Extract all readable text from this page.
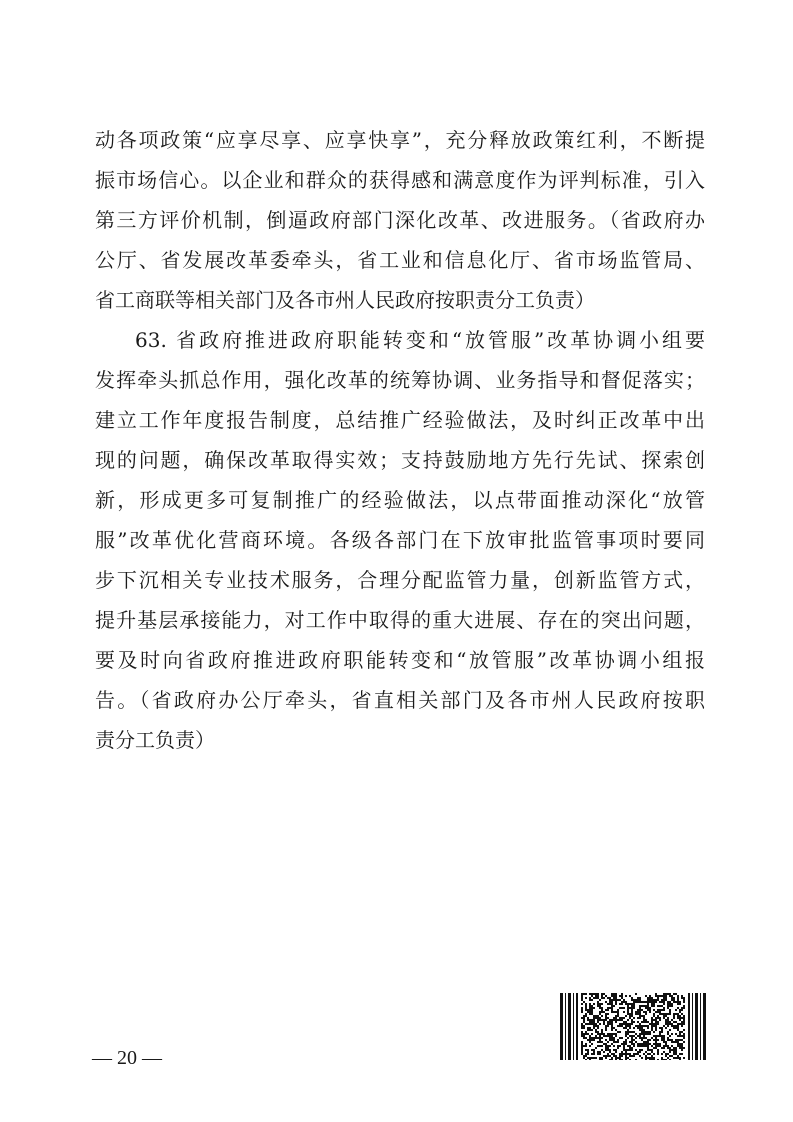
动各项政策“应享尽享、应享快享”，充分释放政策红利，不断提
振市场信心。以企业和群众的获得感和满意度作为评判标准，引入
第三方评价机制，倒逼政府部门深化改革、改进服务。（省政府办
公厅、省发展改革委牵头，省工业和信息化厅、省市场监管局、
省工商联等相关部门及各市州人民政府按职责分工负责）
63. 省政府推进政府职能转变和“放管服”改革协调小组要
发挥牵头抓总作用，强化改革的统筹协调、业务指导和督促落实；
建立工作年度报告制度，总结推广经验做法，及时纠正改革中出
现的问题，确保改革取得实效；支持鼓励地方先行先试、探索创
新，形成更多可复制推广的经验做法，以点带面推动深化“放管
服”改革优化营商环境。各级各部门在下放审批监管事项时要同
步下沉相关专业技术服务，合理分配监管力量，创新监管方式，
提升基层承接能力，对工作中取得的重大进展、存在的突出问题，
要及时向省政府推进政府职能转变和“放管服”改革协调小组报
告。（省政府办公厅牵头，省直相关部门及各市州人民政府按职
责分工负责）
— 20 —
